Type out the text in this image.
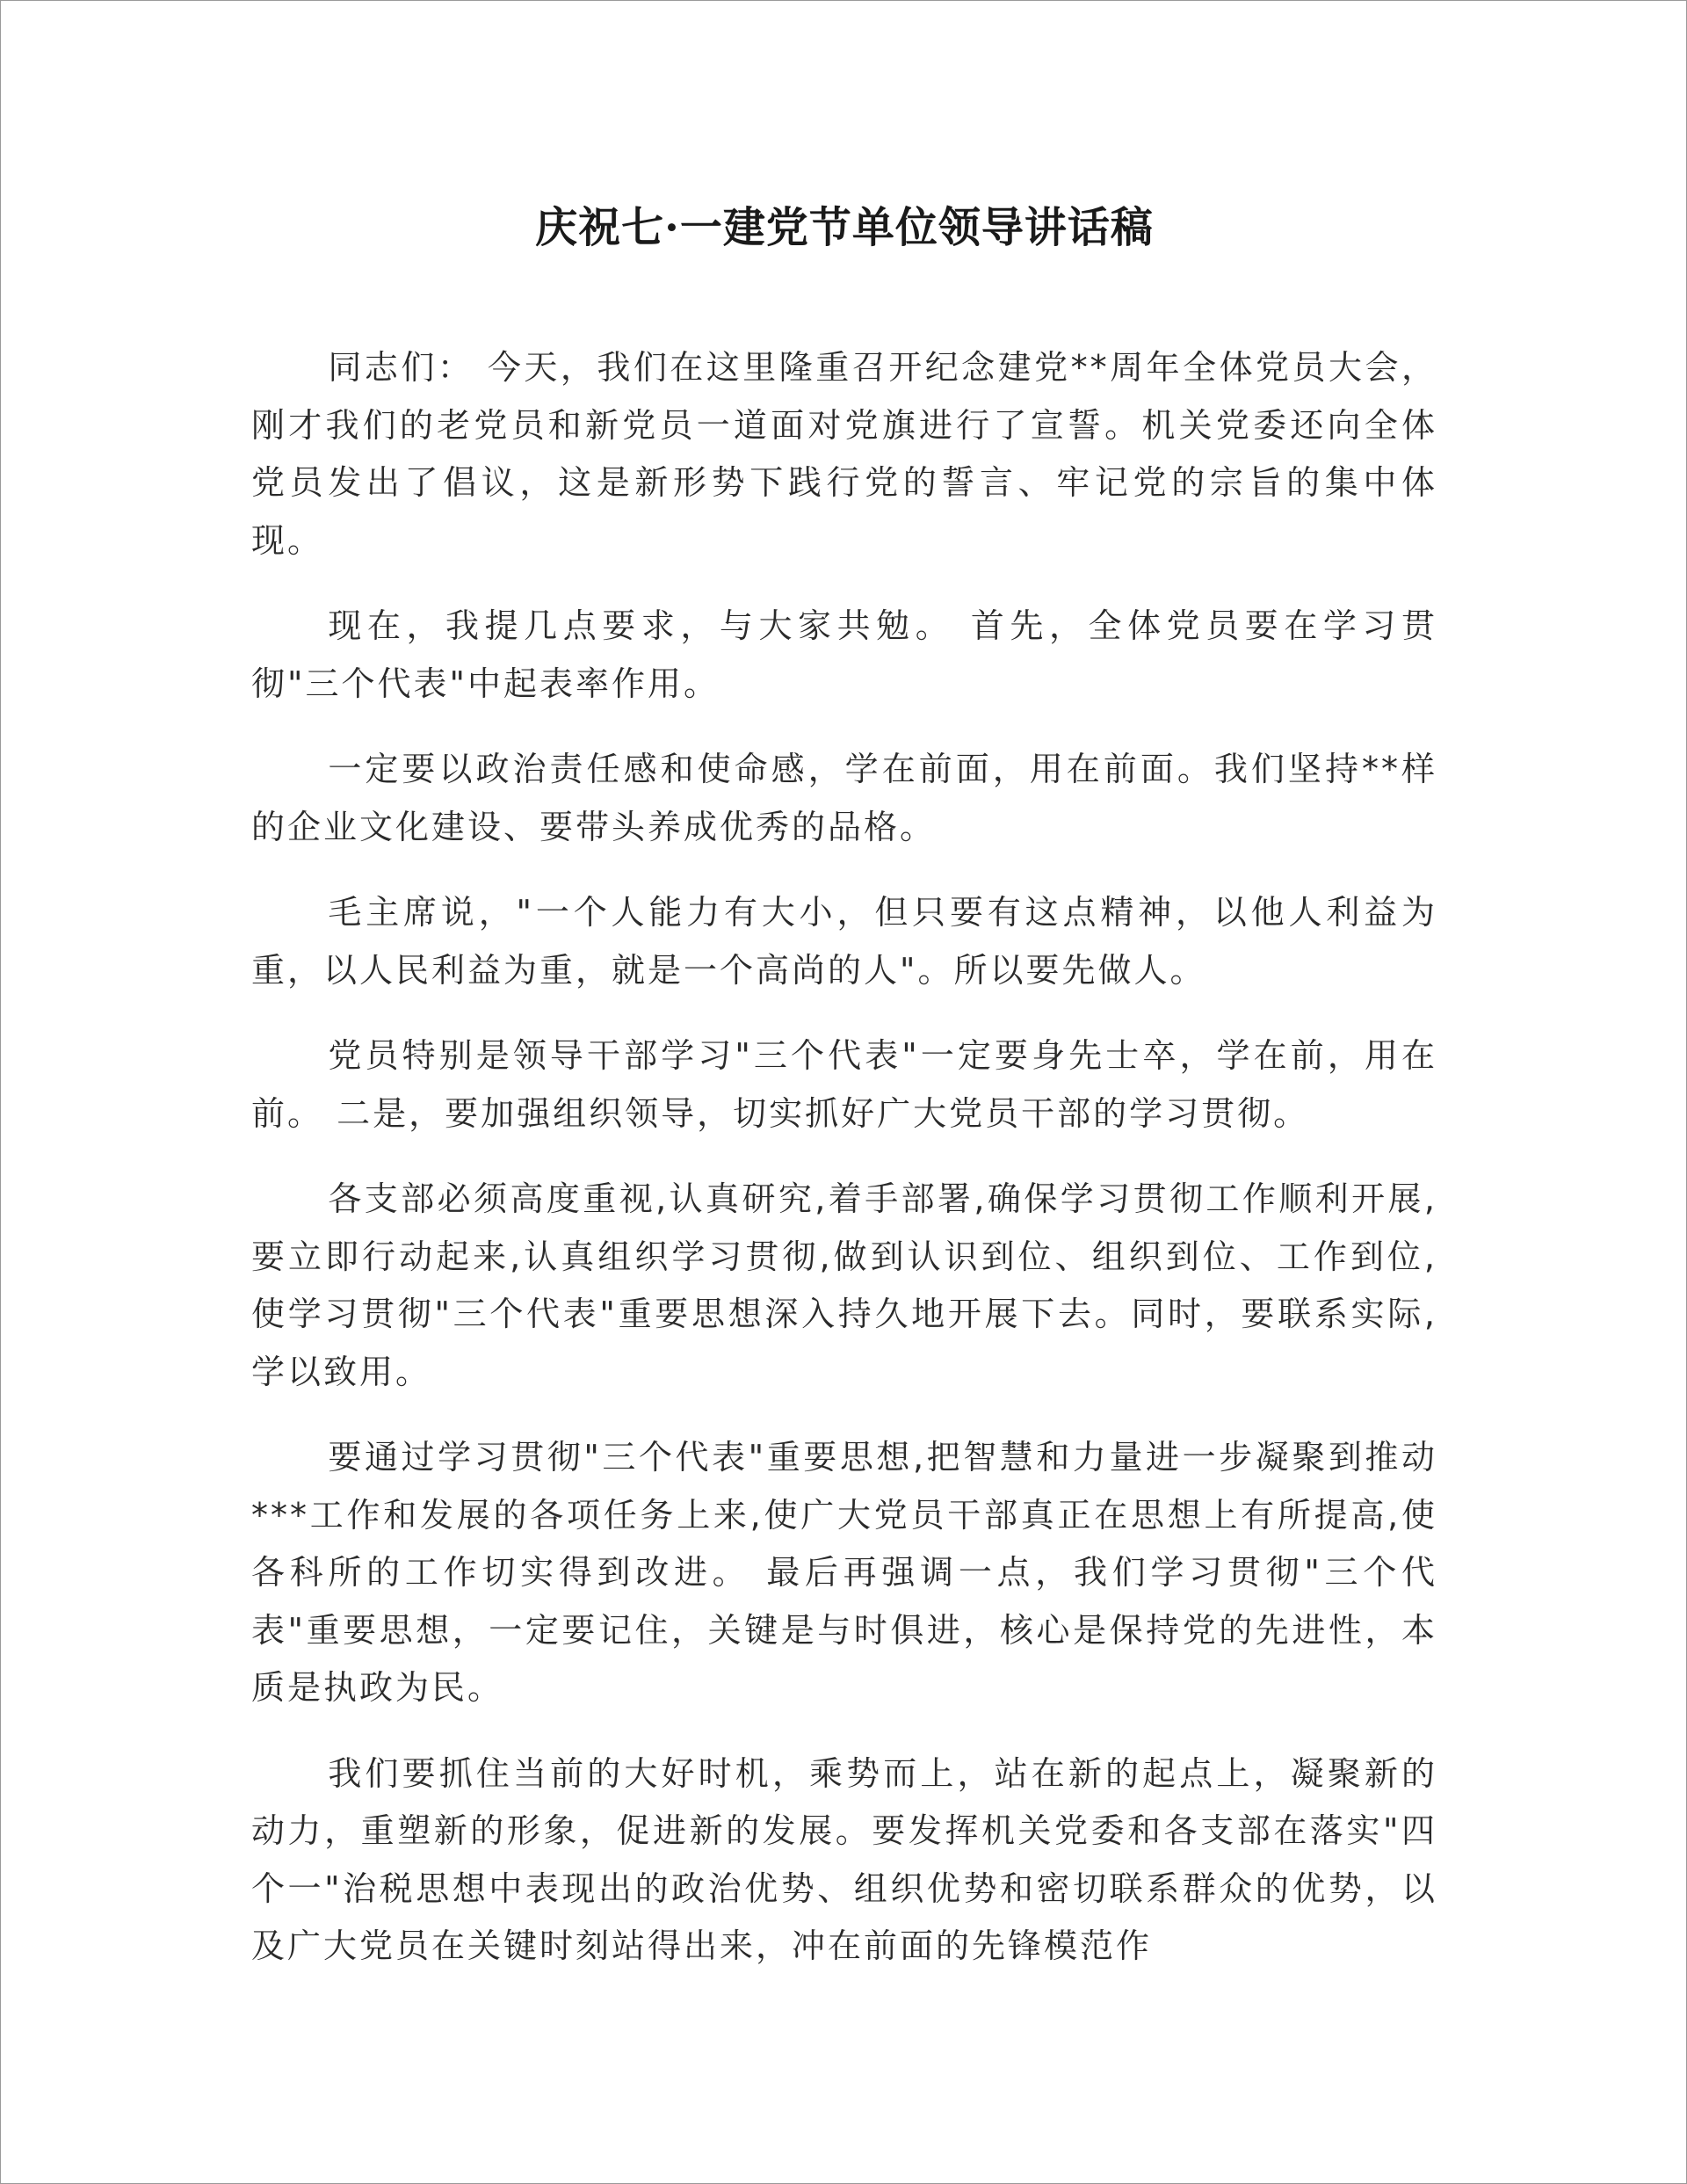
庆祝七·一建党节单位领导讲话稿

同志们： 今天，我们在这里隆重召开纪念建党**周年全体党员大会，刚才我们的老党员和新党员一道面对党旗进行了宣誓。机关党委还向全体党员发出了倡议，这是新形势下践行党的誓言、牢记党的宗旨的集中体现。

现在，我提几点要求，与大家共勉。 首先，全体党员要在学习贯彻"三个代表"中起表率作用。

一定要以政治责任感和使命感，学在前面，用在前面。我们坚持**样的企业文化建设、要带头养成优秀的品格。

毛主席说，"一个人能力有大小，但只要有这点精神，以他人利益为重，以人民利益为重，就是一个高尚的人"。所以要先做人。

党员特别是领导干部学习"三个代表"一定要身先士卒，学在前，用在前。 二是，要加强组织领导，切实抓好广大党员干部的学习贯彻。

各支部必须高度重视,认真研究,着手部署,确保学习贯彻工作顺利开展,要立即行动起来,认真组织学习贯彻,做到认识到位、组织到位、工作到位,使学习贯彻"三个代表"重要思想深入持久地开展下去。同时，要联系实际,学以致用。

要通过学习贯彻"三个代表"重要思想,把智慧和力量进一步凝聚到推动***工作和发展的各项任务上来,使广大党员干部真正在思想上有所提高,使各科所的工作切实得到改进。 最后再强调一点，我们学习贯彻"三个代表"重要思想，一定要记住，关键是与时俱进，核心是保持党的先进性，本质是执政为民。

我们要抓住当前的大好时机，乘势而上，站在新的起点上，凝聚新的动力，重塑新的形象，促进新的发展。要发挥机关党委和各支部在落实"四个一"治税思想中表现出的政治优势、组织优势和密切联系群众的优势，以及广大党员在关键时刻站得出来，冲在前面的先锋模范作
